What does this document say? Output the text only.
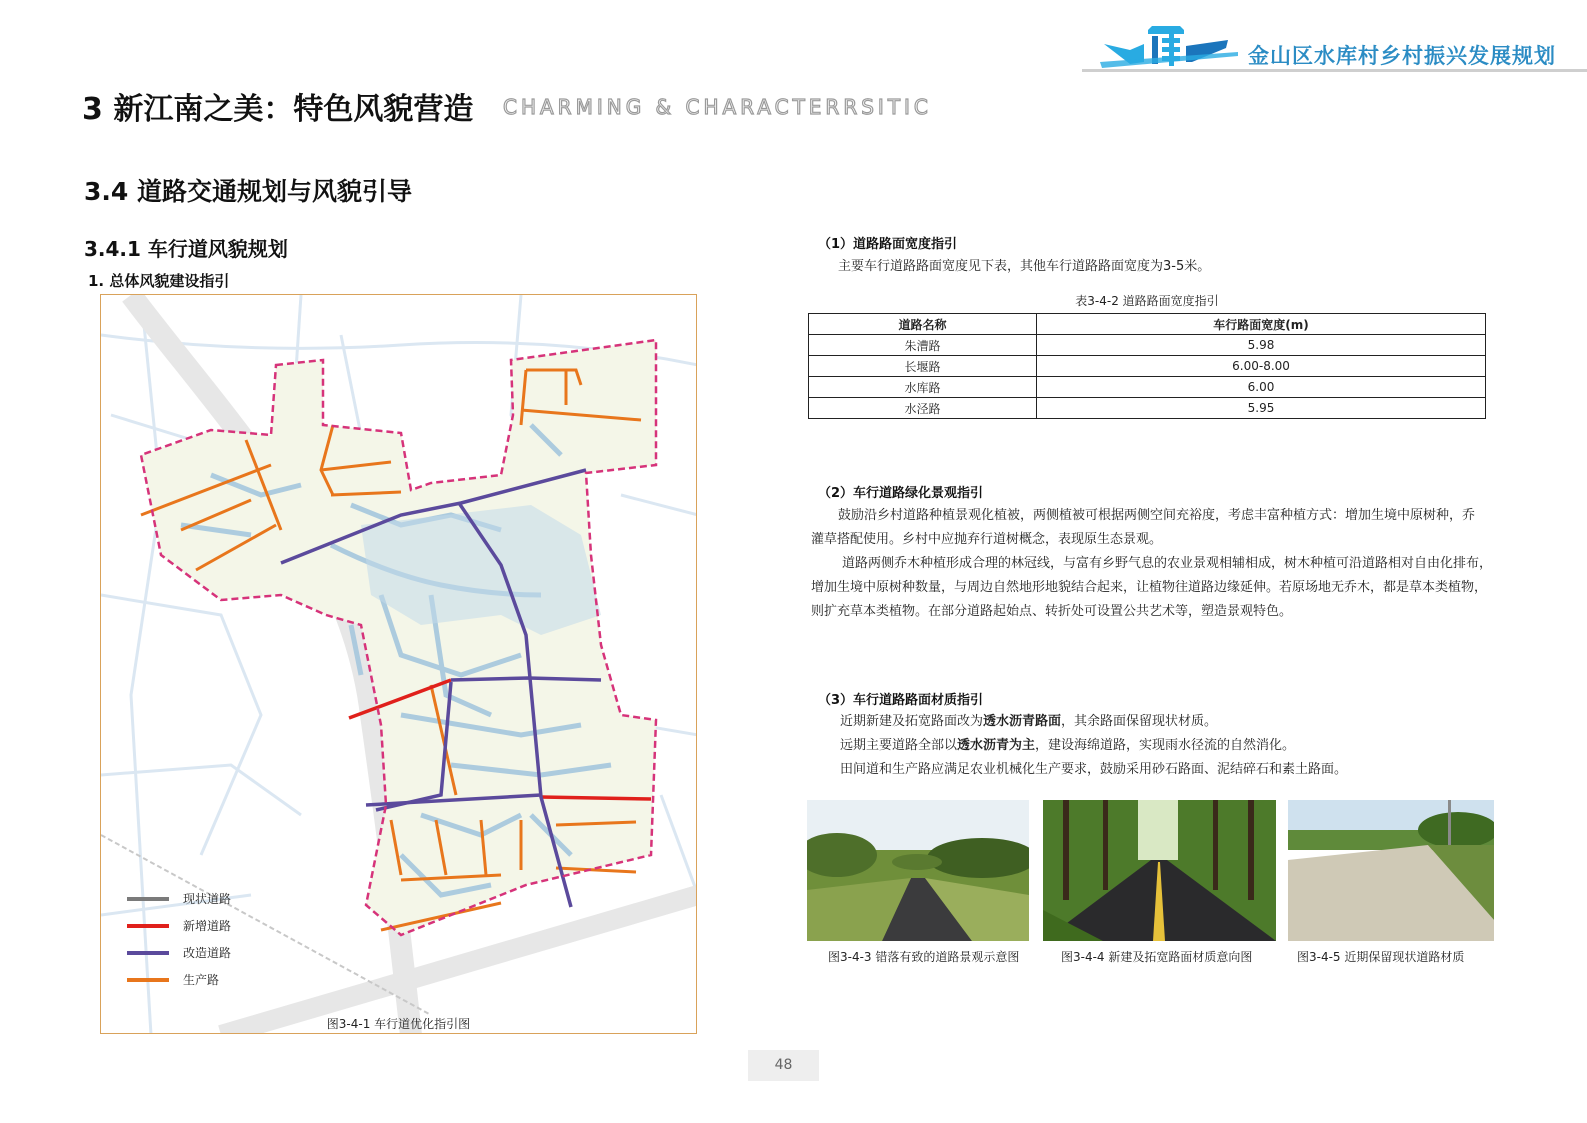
金山区水库村乡村振兴发展规划
3 新江南之美：特色风貌营造 CHARMING & CHARACTERRSITIC
3.4 道路交通规划与风貌引导
3.4.1 车行道风貌规划
1. 总体风貌建设指引
现状道路
新增道路
改造道路
生产路
图3-4-1 车行道优化指引图
（1）道路路面宽度指引
主要车行道路路面宽度见下表，其他车行道路路面宽度为3-5米。
表3-4-2 道路路面宽度指引
道路名称	车行路面宽度(m)
朱漕路	5.98
长堰路	6.00-8.00
水库路	6.00
水泾路	5.95
（2）车行道路绿化景观指引
鼓励沿乡村道路种植景观化植被，两侧植被可根据两侧空间充裕度，考虑丰富种植方式：增加生境中原树种，乔
灌草搭配使用。乡村中应抛弃行道树概念，表现原生态景观。
道路两侧乔木种植形成合理的林冠线，与富有乡野气息的农业景观相辅相成，树木种植可沿道路相对自由化排布，
增加生境中原树种数量，与周边自然地形地貌结合起来，让植物往道路边缘延伸。若原场地无乔木，都是草本类植物，
则扩充草本类植物。在部分道路起始点、转折处可设置公共艺术等，塑造景观特色。
（3）车行道路路面材质指引
近期新建及拓宽路面改为透水沥青路面，其余路面保留现状材质。
远期主要道路全部以透水沥青为主，建设海绵道路，实现雨水径流的自然消化。
田间道和生产路应满足农业机械化生产要求，鼓励采用砂石路面、泥结碎石和素土路面。
图3-4-3 错落有致的道路景观示意图	图3-4-4 新建及拓宽路面材质意向图	图3-4-5 近期保留现状道路材质
48
